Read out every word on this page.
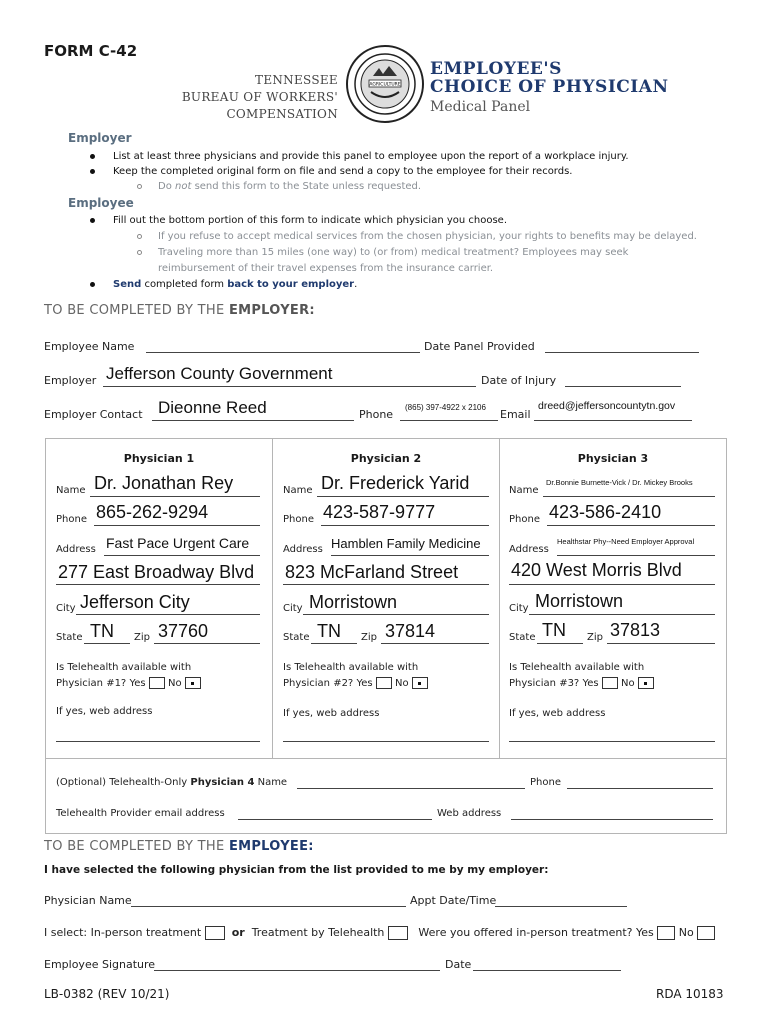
FORM C-42
TENNESSEE
BUREAU OF WORKERS' COMPENSATION
AGRICULTURE
EMPLOYEE'S
CHOICE OF PHYSICIAN
Medical Panel
Employer
List at least three physicians and provide this panel to employee upon the report of a workplace injury.
Keep the completed original form on file and send a copy to the employee for their records.
Do not send this form to the State unless requested.
Employee
Fill out the bottom portion of this form to indicate which physician you choose.
If you refuse to accept medical services from the chosen physician, your rights to benefits may be delayed.
Traveling more than 15 miles (one way) to (or from) medical treatment? Employees may seek
reimbursement of their travel expenses from the insurance carrier.
Send completed form back to your employer.
TO BE COMPLETED BY THE EMPLOYER:
Employee Name	Date Panel Provided
Employer Jefferson County Government	Date of Injury
Employer Contact Dieonne Reed	Phone
(865) 397-4922 x 2106
Email
dreed@jeffersoncountytn.gov
Physician 1
Name Dr. Jonathan Rey
Phone 865-262-9294
Address Fast Pace Urgent Care
277 East Broadway Blvd
City Jefferson City
State TN Zip 37760
Is Telehealth available with
Physician #1? Yes No
If yes, web address
Physician 2
Name Dr. Frederick Yarid
Phone 423-587-9777
Address Hamblen Family Medicine
823 McFarland Street
City Morristown
State TN Zip 37814
Is Telehealth available with
Physician #2? Yes No
If yes, web address
Physician 3
Name
Dr.Bonnie Burnette-Vick / Dr. Mickey Brooks
Phone 423-586-2410
Address
Healthstar Phy--Need Employer Approval
420 West Morris Blvd
City Morristown
State TN Zip 37813
Is Telehealth available with
Physician #3? Yes No
If yes, web address
(Optional) Telehealth-Only Physician 4 Name	Phone
Telehealth Provider email address	Web address
TO BE COMPLETED BY THE EMPLOYEE:
I have selected the following physician from the list provided to me by my employer:
Physician Name	Appt Date/Time
I select: In-person treatment	or Treatment by Telehealth	Were you offered in-person treatment? Yes No
Employee Signature	Date
LB-0382 (REV 10/21)	RDA 10183
